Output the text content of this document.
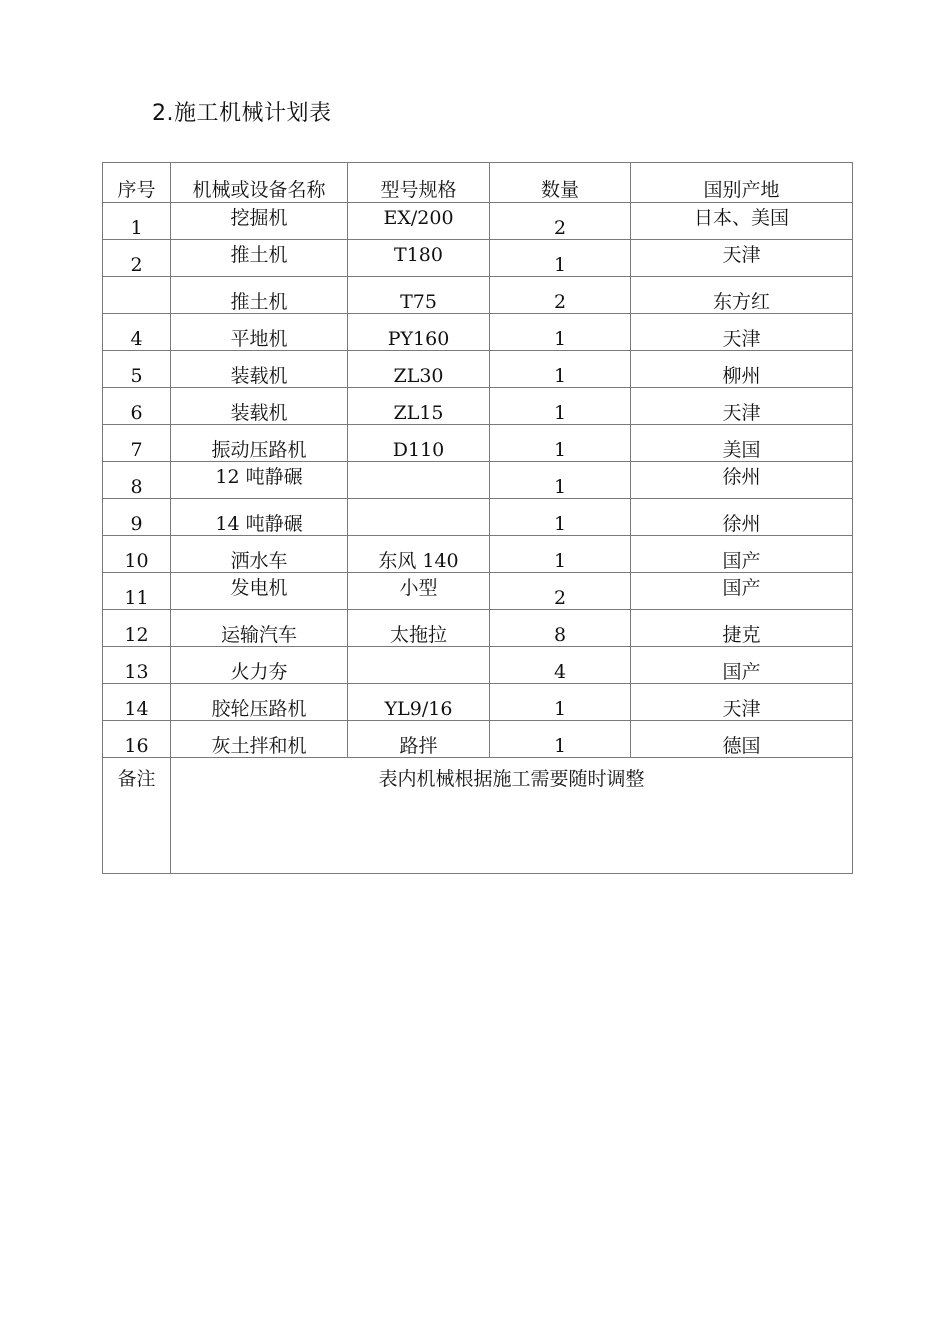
2.施工机械计划表
序号	机械或设备名称	型号规格	数量	国别产地
1	挖掘机	EX/200	2	日本、美国

2	推土机	T180	1	天津

	推土机	T75	2	东方红
4	平地机	PY160	1	天津
5	装载机	ZL30	1	柳州
6	装载机	ZL15	1	天津
7	振动压路机	D110	1	美国
8	12 吨静碾		1	徐州

9	14 吨静碾		1	徐州
10	洒水车	东风 140	1	国产
11	发电机	小型	2	国产

12	运输汽车	太拖拉	8	捷克
13	火力夯		4	国产
14	胶轮压路机	YL9/16	1	天津
16	灰土拌和机	路拌	1	德国
备注	表内机械根据施工需要随时调整			
